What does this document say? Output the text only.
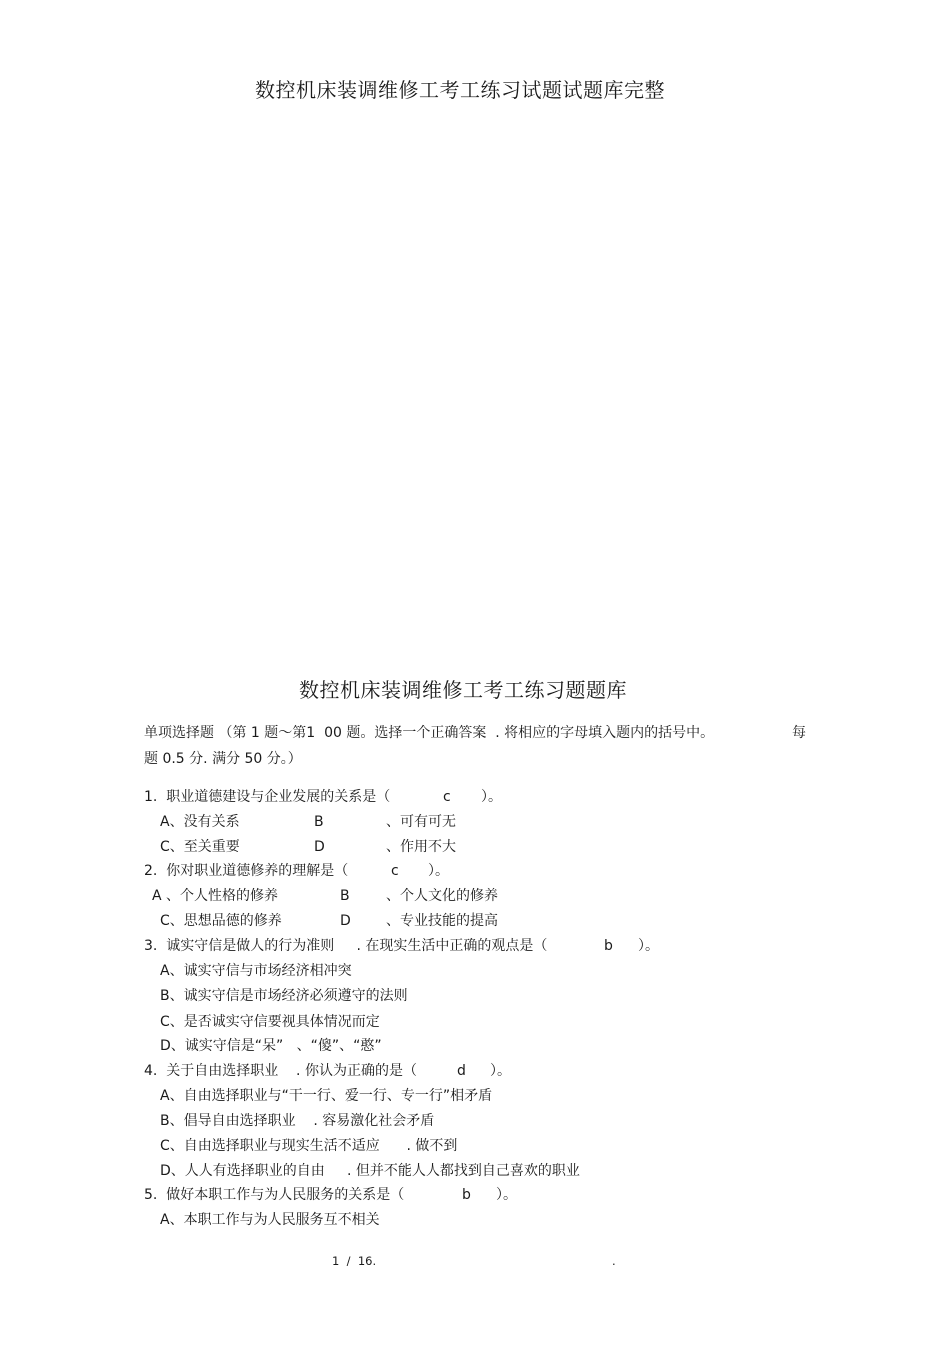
数控机床装调维修工考工练习试题试题库完整
数控机床装调维修工考工练习题题库
单项选择题 （第 1 题～第1  00 题。选择一个正确答案  . 将相应的字母填入题内的括号中。	每
题 0.5 分. 满分 50 分。）
1.  职业道德建设与企业发展的关系是（	c ）。
A、没有关系	B	、可有可无
C、至关重要	D	、作用不大
2.  你对职业道德修养的理解是（	c ）。
A 、个人性格的修养	B	、个人文化的修养
C、思想品德的修养	D	、专业技能的提高
3.  诚实守信是做人的行为准则     . 在现实生活中正确的观点是（	b ）。
A、诚实守信与市场经济相冲突
B、诚实守信是市场经济必须遵守的法则
C、是否诚实守信要视具体情况而定
D、诚实守信是“呆”   、“傻”、“憨”
4.  关于自由选择职业    . 你认为正确的是（	d ）。
A、自由选择职业与“干一行、爱一行、专一行”相矛盾
B、倡导自由选择职业    . 容易激化社会矛盾
C、自由选择职业与现实生活不适应      . 做不到
D、人人有选择职业的自由     . 但并不能人人都找到自己喜欢的职业
5.  做好本职工作与为人民服务的关系是（	b ）。
A、本职工作与为人民服务互不相关
1  /  16.	.
